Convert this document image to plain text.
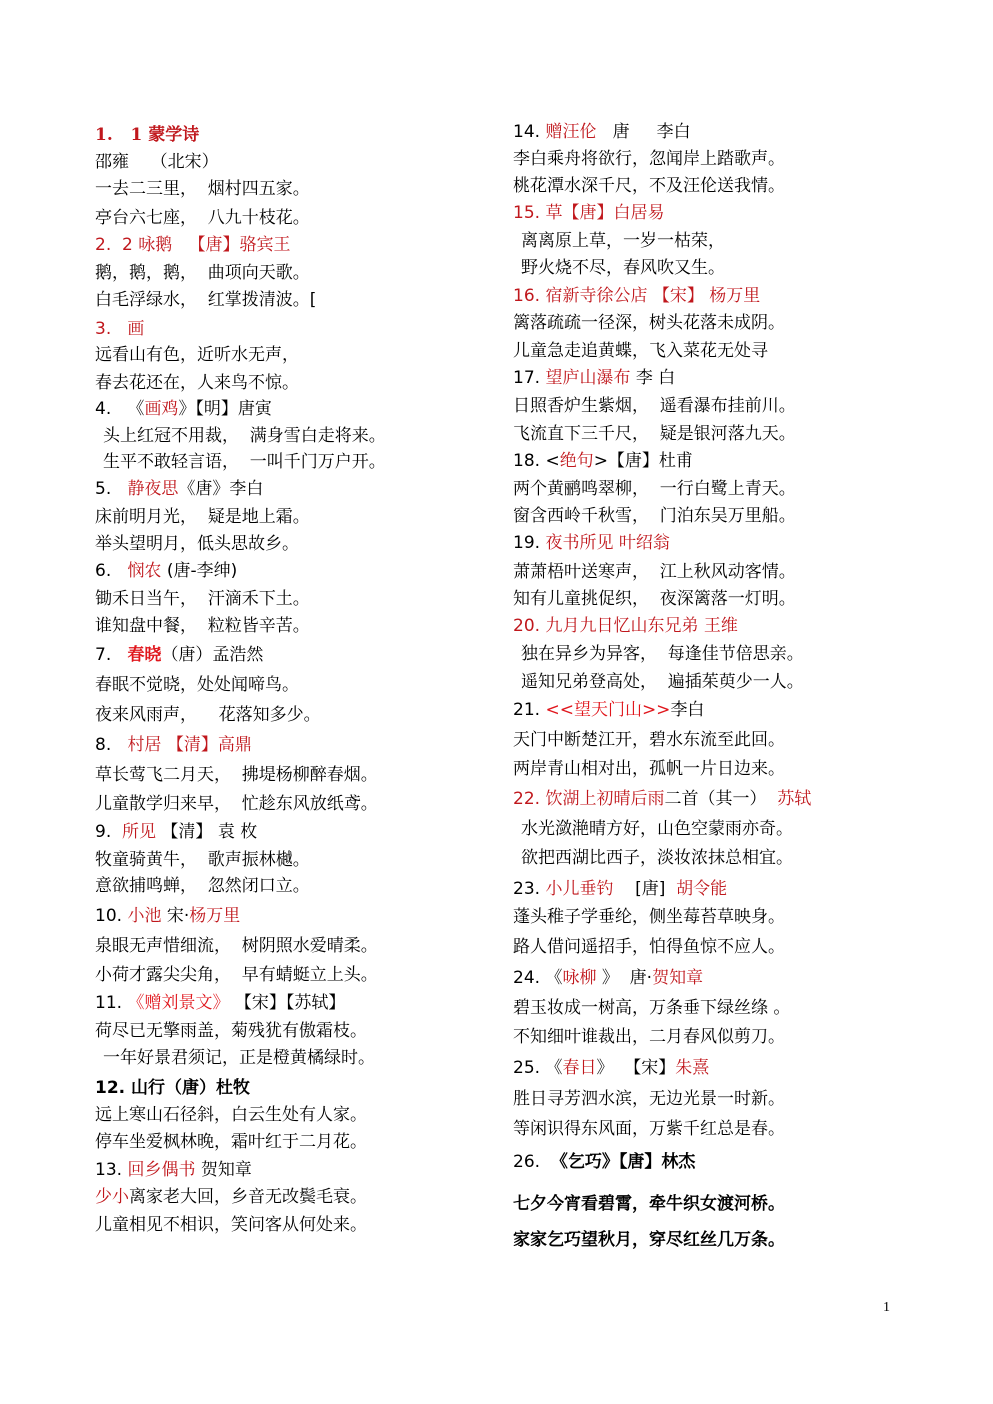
1.   1 蒙学诗
邵雍    （北宋）
一去二三里，  烟村四五家。
亭台六七座，  八九十枝花。
2.  2 咏鹅   【唐】骆宾王
鹅，鹅，鹅，  曲项向天歌。
白毛浮绿水，  红掌拨清波。[
3.   画
远看山有色，近听水无声，
春去花还在，人来鸟不惊。
4.   《画鸡》【明】唐寅
头上红冠不用裁，  满身雪白走将来。
生平不敢轻言语，  一叫千门万户开。
5.   静夜思《唐》李白
床前明月光，  疑是地上霜。
举头望明月，低头思故乡。
6.   悯农 (唐-李绅)
锄禾日当午，  汗滴禾下土。
谁知盘中餐，  粒粒皆辛苦。
7.   春晓（唐）孟浩然
春眠不觉晓，处处闻啼鸟。
夜来风雨声，    花落知多少。
8.   村居 【清】高鼎
草长莺飞二月天，  拂堤杨柳醉春烟。
儿童散学归来早，  忙趁东风放纸鸢。
9.  所见 【清】 袁 枚
牧童骑黄牛，  歌声振林樾。
意欲捕鸣蝉，  忽然闭口立。
10. 小池 宋·杨万里
泉眼无声惜细流，  树阴照水爱晴柔。
小荷才露尖尖角，  早有蜻蜓立上头。
11. 《赠刘景文》 【宋】【苏轼】
荷尽已无擎雨盖，菊残犹有傲霜枝。
一年好景君须记，正是橙黄橘绿时。
12. 山行（唐）杜牧
远上寒山石径斜，白云生处有人家。
停车坐爱枫林晚，霜叶红于二月花。
13. 回乡偶书 贺知章
少小离家老大回，乡音无改鬓毛衰。
儿童相见不相识，笑问客从何处来。
14. 赠汪伦   唐     李白
李白乘舟将欲行，忽闻岸上踏歌声。
桃花潭水深千尺，不及汪伦送我情。
15. 草【唐】白居易
离离原上草，一岁一枯荣，
野火烧不尽，春风吹又生。
16. 宿新寺徐公店 【宋】 杨万里
篱落疏疏一径深，树头花落未成阴。
儿童急走追黄蝶，飞入菜花无处寻
17. 望庐山瀑布 李 白
日照香炉生紫烟，  遥看瀑布挂前川。
飞流直下三千尺，  疑是银河落九天。
18. <绝句>【唐】杜甫
两个黄鹂鸣翠柳，  一行白鹭上青天。
窗含西岭千秋雪，  门泊东吴万里船。
19. 夜书所见 叶绍翁
萧萧梧叶送寒声，  江上秋风动客情。
知有儿童挑促织，  夜深篱落一灯明。
20. 九月九日忆山东兄弟 王维
独在异乡为异客，  每逢佳节倍思亲。
遥知兄弟登高处，  遍插茱萸少一人。
21. <<望天门山>>李白
天门中断楚江开，碧水东流至此回。
两岸青山相对出，孤帆一片日边来。
22. 饮湖上初晴后雨二首（其一）  苏轼
水光潋滟晴方好，山色空蒙雨亦奇。
欲把西湖比西子，淡妆浓抹总相宜。
23. 小儿垂钓    [唐]  胡令能
蓬头稚子学垂纶，侧坐莓苔草映身。
路人借问遥招手，怕得鱼惊不应人。
24. 《咏柳 》  唐·贺知章
碧玉妆成一树高，万条垂下绿丝绦 。
不知细叶谁裁出，二月春风似剪刀。
25. 《春日》  【宋】朱熹
胜日寻芳泗水滨，无边光景一时新。
等闲识得东风面，万紫千红总是春。
26.  《乞巧》【唐】林杰
七夕今宵看碧霄，牵牛织女渡河桥。
家家乞巧望秋月，穿尽红丝几万条。
1
